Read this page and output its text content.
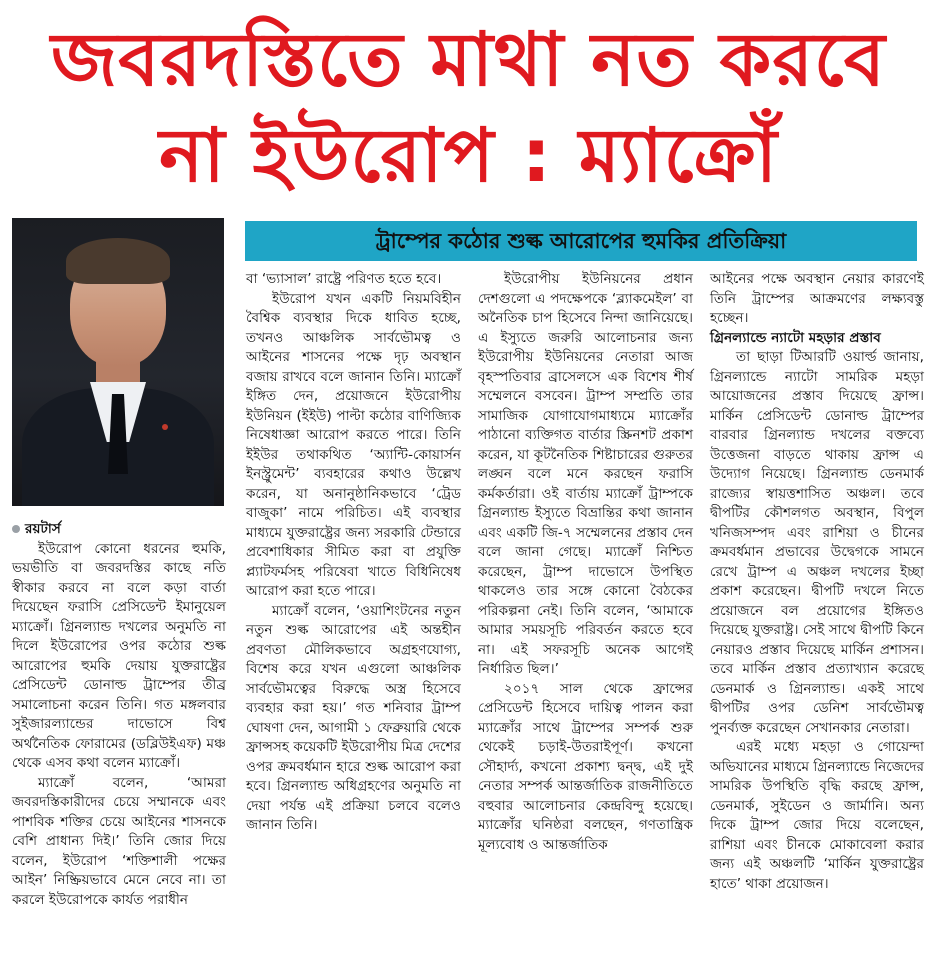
জবরদস্তিতে মাথা নত করবে
না ইউরোপ : ম্যাক্রোঁ
ট্রাম্পের কঠোর শুল্ক আরোপের হুমকির প্রতিক্রিয়া

রয়টার্স

ইউরোপ কোনো ধরনের হুমকি, ভয়ভীতি বা জবরদস্তির কাছে নতি স্বীকার করবে না বলে কড়া বার্তা দিয়েছেন ফরাসি প্রেসিডেন্ট ইমানুয়েল ম্যাক্রোঁ। গ্রিনল্যান্ড দখলের অনুমতি না দিলে ইউরোপের ওপর কঠোর শুল্ক আরোপের হুমকি দেয়ায় যুক্তরাষ্ট্রের প্রেসিডেন্ট ডোনাল্ড ট্রাম্পের তীব্র সমালোচনা করেন তিনি। গত মঙ্গলবার সুইজারল্যান্ডের দাভোসে বিশ্ব অর্থনৈতিক ফোরামের (ডব্লিউইএফ) মঞ্চ থেকে এসব কথা বলেন ম্যাক্রোঁ।

ম্যাক্রোঁ বলেন, ‘আমরা জবরদস্তিকারীদের চেয়ে সম্মানকে এবং পাশবিক শক্তির চেয়ে আইনের শাসনকে বেশি প্রাধান্য দিই।’ তিনি জোর দিয়ে বলেন, ইউরোপ ‘শক্তিশালী পক্ষের আইন’ নিষ্ক্রিয়ভাবে মেনে নেবে না। তা করলে ইউরোপকে কার্যত পরাধীন

বা ‘ভ্যাসাল’ রাষ্ট্রে পরিণত হতে হবে।

ইউরোপ যখন একটি নিয়মবিহীন বৈশ্বিক ব্যবস্থার দিকে ধাবিত হচ্ছে, তখনও আঞ্চলিক সার্বভৌমত্ব ও আইনের শাসনের পক্ষে দৃঢ় অবস্থান বজায় রাখবে বলে জানান তিনি। ম্যাক্রোঁ ইঙ্গিত দেন, প্রয়োজনে ইউরোপীয় ইউনিয়ন (ইইউ) পাল্টা কঠোর বাণিজ্যিক নিষেধাজ্ঞা আরোপ করতে পারে। তিনি ইইউর তথাকথিত ‘অ্যান্টি-কোয়ার্সন ইনস্ট্রুমেন্ট’ ব্যবহারের কথাও উল্লেখ করেন, যা অনানুষ্ঠানিকভাবে ‘ট্রেড বাজুকা’ নামে পরিচিত। এই ব্যবস্থার মাধ্যমে যুক্তরাষ্ট্রের জন্য সরকারি টেন্ডারে প্রবেশাধিকার সীমিত করা বা প্রযুক্তি প্ল্যাটফর্মসহ পরিষেবা খাতে বিধিনিষেধ আরোপ করা হতে পারে।

ম্যাক্রোঁ বলেন, ‘ওয়াশিংটনের নতুন নতুন শুল্ক আরোপের এই অন্তহীন প্রবণতা মৌলিকভাবে অগ্রহণযোগ্য, বিশেষ করে যখন এগুলো আঞ্চলিক সার্বভৌমত্বের বিরুদ্ধে অস্ত্র হিসেবে ব্যবহার করা হয়।’ গত শনিবার ট্রাম্প ঘোষণা দেন, আগামী ১ ফেব্রুয়ারি থেকে ফ্রান্সসহ কয়েকটি ইউরোপীয় মিত্র দেশের ওপর ক্রমবর্ধমান হারে শুল্ক আরোপ করা হবে। গ্রিনল্যান্ড অধিগ্রহণের অনুমতি না দেয়া পর্যন্ত এই প্রক্রিয়া চলবে বলেও জানান তিনি।

ইউরোপীয় ইউনিয়নের প্রধান দেশগুলো এ পদক্ষেপকে ‘ব্ল্যাকমেইল’ বা অনৈতিক চাপ হিসেবে নিন্দা জানিয়েছে। এ ইস্যুতে জরুরি আলোচনার জন্য ইউরোপীয় ইউনিয়নের নেতারা আজ বৃহস্পতিবার ব্রাসেলসে এক বিশেষ শীর্ষ সম্মেলনে বসবেন। ট্রাম্প সম্প্রতি তার সামাজিক যোগাযোগমাধ্যমে ম্যাক্রোঁর পাঠানো ব্যক্তিগত বার্তার স্ক্রিনশট প্রকাশ করেন, যা কূটনৈতিক শিষ্টাচারের গুরুতর লঙ্ঘন বলে মনে করছেন ফরাসি কর্মকর্তারা। ওই বার্তায় ম্যাক্রোঁ ট্রাম্পকে গ্রিনল্যান্ড ইস্যুতে বিভ্রান্তির কথা জানান এবং একটি জি-৭ সম্মেলনের প্রস্তাব দেন বলে জানা গেছে। ম্যাক্রোঁ নিশ্চিত করেছেন, ট্রাম্প দাভোসে উপস্থিত থাকলেও তার সঙ্গে কোনো বৈঠকের পরিকল্পনা নেই। তিনি বলেন, ‘আমাকে আমার সময়সূচি পরিবর্তন করতে হবে না। এই সফরসূচি অনেক আগেই নির্ধারিত ছিল।’

২০১৭ সাল থেকে ফ্রান্সের প্রেসিডেন্ট হিসেবে দায়িত্ব পালন করা ম্যাক্রোঁর সাথে ট্রাম্পের সম্পর্ক শুরু থেকেই চড়াই-উতরাইপূর্ণ। কখনো সৌহার্দ্য, কখনো প্রকাশ্য দ্বন্দ্ব, এই দুই নেতার সম্পর্ক আন্তর্জাতিক রাজনীতিতে বহুবার আলোচনার কেন্দ্রবিন্দু হয়েছে। ম্যাক্রোঁর ঘনিষ্ঠরা বলছেন, গণতান্ত্রিক মূল্যবোধ ও আন্তর্জাতিক

আইনের পক্ষে অবস্থান নেয়ার কারণেই তিনি ট্রাম্পের আক্রমণের লক্ষ্যবস্তু হচ্ছেন।

গ্রিনল্যান্ডে ন্যাটো মহড়ার প্রস্তাব

তা ছাড়া টিআরটি ওয়ার্ল্ড জানায়, গ্রিনল্যান্ডে ন্যাটো সামরিক মহড়া আয়োজনের প্রস্তাব দিয়েছে ফ্রান্স। মার্কিন প্রেসিডেন্ট ডোনাল্ড ট্রাম্পের বারবার গ্রিনল্যান্ড দখলের বক্তব্যে উত্তেজনা বাড়তে থাকায় ফ্রান্স এ উদ্যোগ নিয়েছে। গ্রিনল্যান্ড ডেনমার্ক রাজ্যের স্বায়ত্তশাসিত অঞ্চল। তবে দ্বীপটির কৌশলগত অবস্থান, বিপুল খনিজসম্পদ এবং রাশিয়া ও চীনের ক্রমবর্ধমান প্রভাবের উদ্বেগকে সামনে রেখে ট্রাম্প এ অঞ্চল দখলের ইচ্ছা প্রকাশ করেছেন। দ্বীপটি দখলে নিতে প্রয়োজনে বল প্রয়োগের ইঙ্গিতও দিয়েছে যুক্তরাষ্ট্র। সেই সাথে দ্বীপটি কিনে নেয়ারও প্রস্তাব দিয়েছে মার্কিন প্রশাসন। তবে মার্কিন প্রস্তাব প্রত্যাখ্যান করেছে ডেনমার্ক ও গ্রিনল্যান্ড। একই সাথে দ্বীপটির ওপর ডেনিশ সার্বভৌমত্ব পুনর্ব্যক্ত করেছেন সেখানকার নেতারা।

এরই মধ্যে মহড়া ও গোয়েন্দা অভিযানের মাধ্যমে গ্রিনল্যান্ডে নিজেদের সামরিক উপস্থিতি বৃদ্ধি করছে ফ্রান্স, ডেনমার্ক, সুইডেন ও জার্মানি। অন্য দিকে ট্রাম্প জোর দিয়ে বলেছেন, রাশিয়া এবং চীনকে মোকাবেলা করার জন্য এই অঞ্চলটি ‘মার্কিন যুক্তরাষ্ট্রের হাতে’ থাকা প্রয়োজন।
